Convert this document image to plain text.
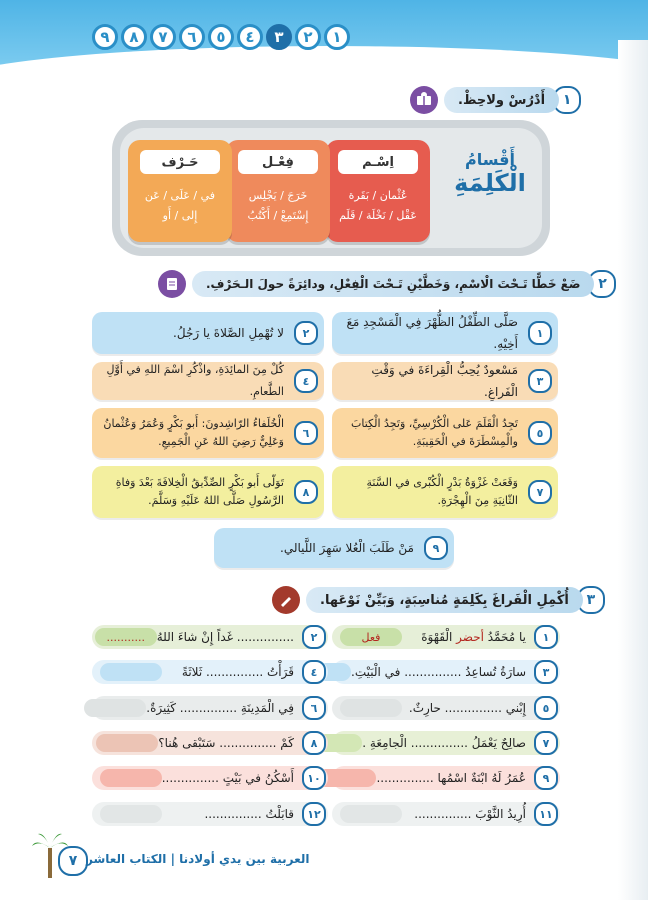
٩	٨	٧	٦	٥	٤	٣	٢	١
١
أَدْرُسْ ولاحِظْ.
اِسْـم
عُثْمان / بَقَرة
عَقْل / نَخْلَة / قَلَم
فِعْـل
خَرَجَ / يَجْلِس
إِسْتَمِعْ / أَكْتُبُ
حَـرْف
في / عَلَى / عَن
إِلى / أَو
أَقْسامُ
الْكَلِمَةِ
٢
ضَعْ خَطًّا تَـحْتَ الْاسْمِ، وَخَطَّيْنِ تَـحْتَ الْفِعْلِ، ودائِرَةً حولَ الـحَرْفِ.
١
صَلَّى الطِّفْلُ الظُّهْرَ فِي الْمَسْجِدِ مَعَ أَخِيْهِ.
٢
لا تُهْمِلِ الصَّلاةَ يا رَجُلُ.
٣
مَسْعودٌ يُحِبُّ الْقِراءَةَ في وَقْتِ الْفَراغِ.
٤
كُلْ مِنَ المائِدَةِ، واذْكُرِ اسْمَ اللهِ في أَوَّلِ الطَّعامِ.
٥
تَجِدُ الْقَلَمَ عَلى الْكُرْسِيِّ، وَتَجِدُ الْكِتابَ والْمِسْطَرَةَ في الْحَقِيبَةِ.
٦
الْخُلَفاءُ الرّاشِدونَ: أَبو بَكْرٍ وَعُمَرُ وَعُثْمانُ وَعَلِيٌّ رَضِيَ اللهُ عَنِ الْجَمِيعِ.
٧
وَقَعَتْ غَزْوَةُ بَدْرٍ الْكُبْرى في السَّنَةِ الثّانِيَةِ مِنَ الْهِجْرَةِ.
٨
تَوَلّى أَبو بَكْرٍ الصِّدِّيقُ الْخِلافَةَ بَعْدَ وَفاةِ الرَّسُولِ صَلَّى اللهُ عَلَيْهِ وَسَلَّمَ.
٩
مَنْ طَلَبَ الْعُلا سَهِرَ اللَّيالي.
٣
أُكْمِلِ الْفَراغَ بِكَلِمَةٍ مُناسِبَةٍ، وَبَيِّنْ نَوْعَها.
١
يا مُحَمَّدُ أحضر الْقَهْوَةَ
فعل
٣
سارَةُ تُساعِدُ ............... في الْبَيْتِ.
٥
إِبْني ............... حارِثٌ.
٧
صالِحٌ يَعْمَلُ ............... الْجامِعَةِ .
٩
عُمَرُ لَهُ ابْنَةٌ اسْمُها ...............
١١
أُرِيدُ الثَّوْبَ ...............
٢
............... غَداً إِنْ شاءَ اللهُ
...........
٤
قَرَأْتُ ............... ثَلاثَةً
٦
فِي الْمَدِينَةِ ............... كَثِيرَةٌ.
٨
كَمْ ............... سَتَبْقى هُنا؟
١٠
أَسْكُنُ في بَيْتٍ ...............
١٢
قابَلْتُ ...............
٧ العربية بين يدي أولادنا | الكتاب العاشر
